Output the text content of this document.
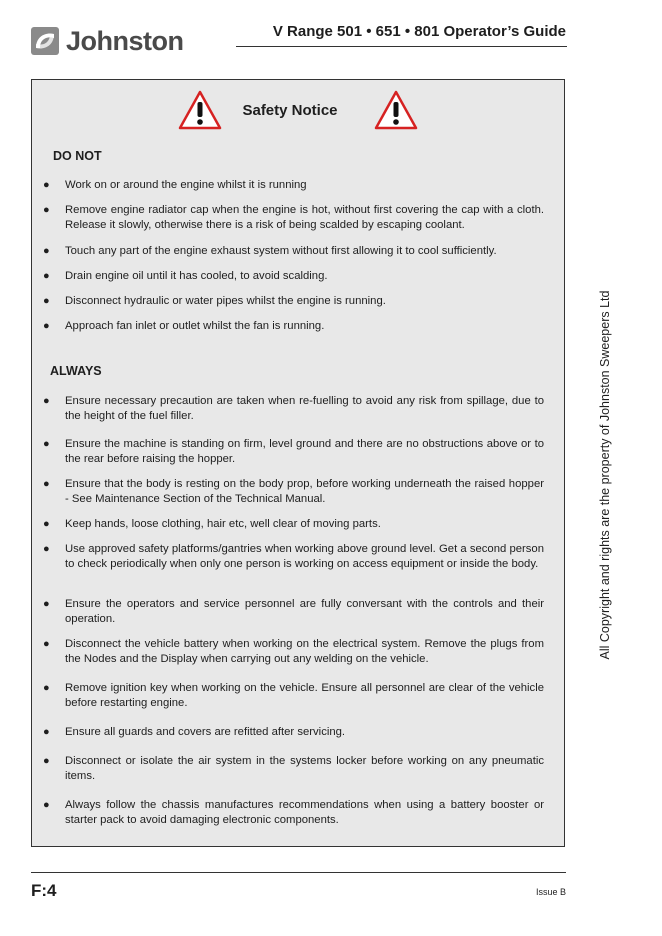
Johnston	V Range 501 • 651 • 801 Operator’s Guide
Safety Notice
DO NOT
● Work on or around the engine whilst it is running
● Remove engine radiator cap when the engine is hot, without first covering the cap with a cloth. Release it slowly, otherwise there is a risk of being scalded by escaping coolant.
● Touch any part of the engine exhaust system without first allowing it to cool sufficiently.
● Drain engine oil until it has cooled, to avoid scalding.
● Disconnect hydraulic or water pipes whilst the engine is running.
● Approach fan inlet or outlet whilst the fan is running.
ALWAYS
● Ensure necessary precaution are taken when re-fuelling to avoid any risk from spillage, due to the height of the fuel filler.
● Ensure the machine is standing on firm, level ground and there are no obstructions above or to the rear before raising the hopper.
● Ensure that the body is resting on the body prop, before working underneath the raised hopper - See Maintenance Section of the Technical Manual.
● Keep hands, loose clothing, hair etc, well clear of moving parts.
● Use approved safety platforms/gantries when working above ground level. Get a second person to check periodically when only one person is working on access equipment or inside the body.
● Ensure the operators and service personnel are fully conversant with the controls and their operation.
● Disconnect the vehicle battery when working on the electrical system. Remove the plugs from the Nodes and the Display when carrying out any welding on the vehicle.
● Remove ignition key when working on the vehicle. Ensure all personnel are clear of the vehicle before restarting engine.
● Ensure all guards and covers are refitted after servicing.
● Disconnect or isolate the air system in the systems locker before working on any pneumatic items.
● Always follow the chassis manufactures recommendations when using a battery booster or starter pack to avoid damaging electronic components.
All Copyright and rights are the property of Johnston Sweepers Ltd
F:4	Issue B
